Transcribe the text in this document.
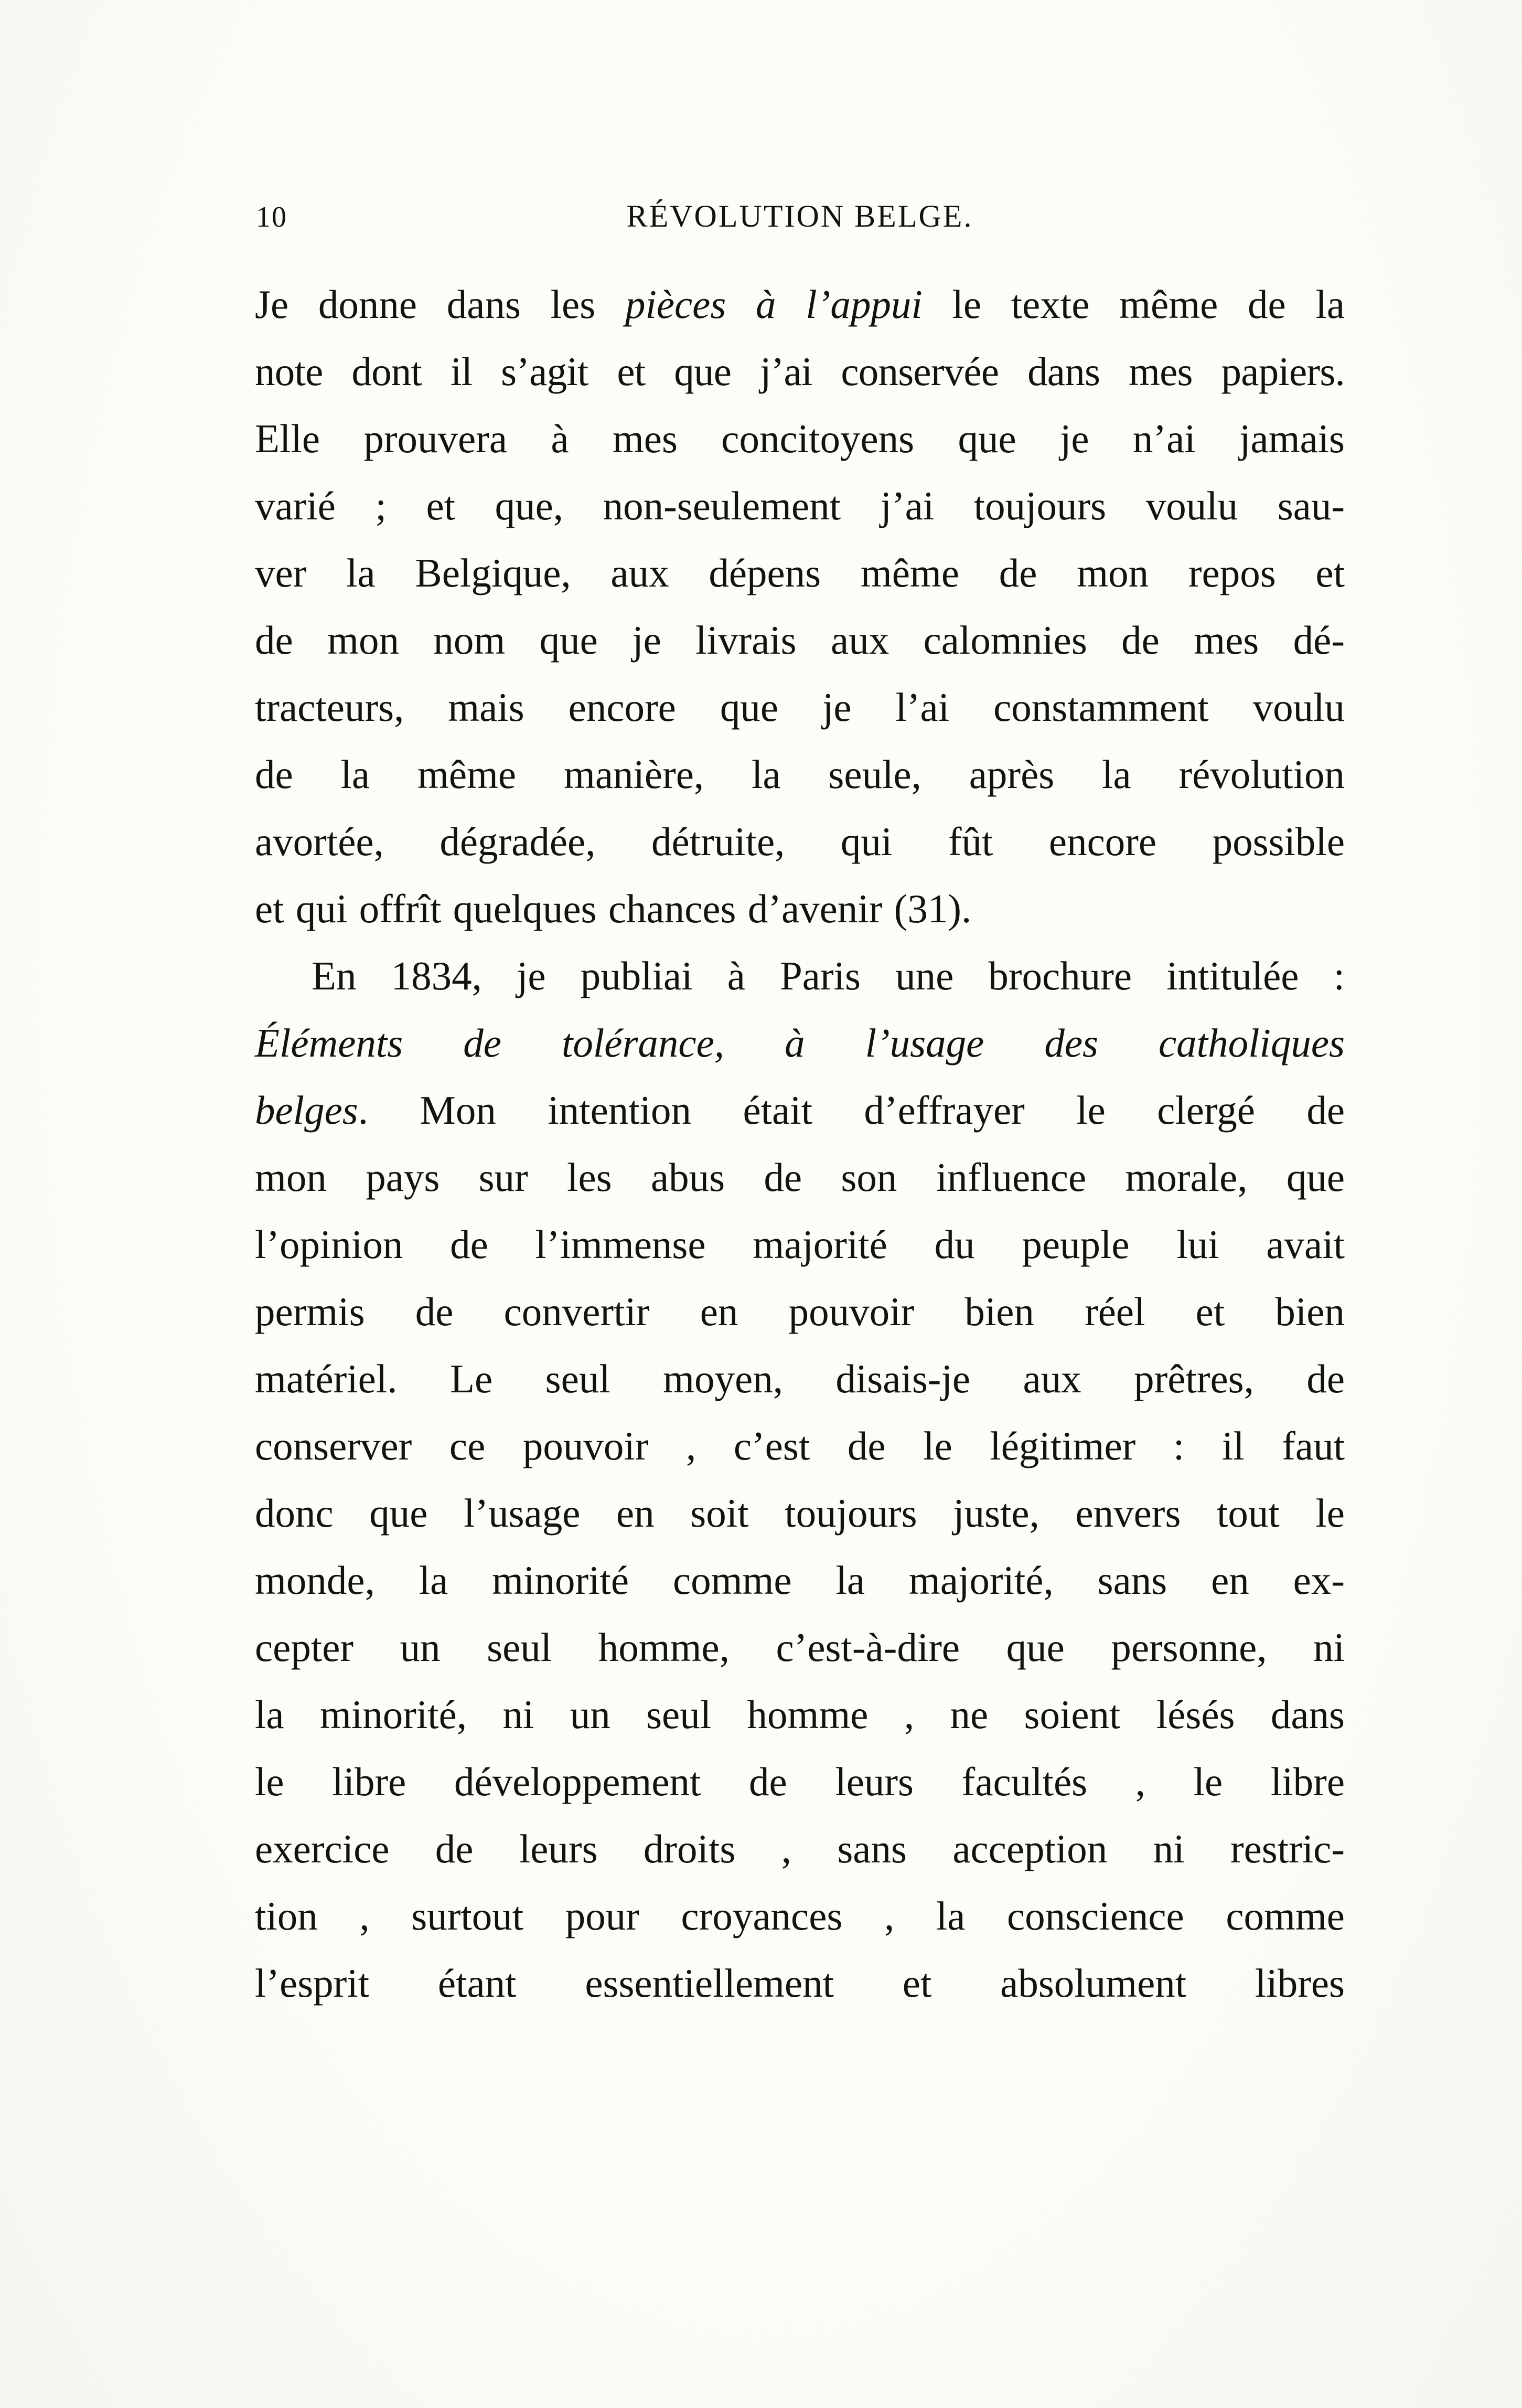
10	RÉVOLUTION BELGE.
Je donne dans les pièces à l’appui le texte même de la
note dont il s’agit et que j’ai conservée dans mes papiers.
Elle prouvera à mes concitoyens que je n’ai jamais
varié ; et que, non-seulement j’ai toujours voulu sau-
ver la Belgique, aux dépens même de mon repos et
de mon nom que je livrais aux calomnies de mes dé-
tracteurs, mais encore que je l’ai constamment voulu
de la même manière, la seule, après la révolution
avortée, dégradée, détruite, qui fût encore possible
et qui offrît quelques chances d’avenir (31).
En 1834, je publiai à Paris une brochure intitulée :
Éléments de tolérance, à l’usage des catholiques
belges. Mon intention était d’effrayer le clergé de
mon pays sur les abus de son influence morale, que
l’opinion de l’immense majorité du peuple lui avait
permis de convertir en pouvoir bien réel et bien
matériel. Le seul moyen, disais-je aux prêtres, de
conserver ce pouvoir , c’est de le légitimer : il faut
donc que l’usage en soit toujours juste, envers tout le
monde, la minorité comme la majorité, sans en ex-
cepter un seul homme, c’est-à-dire que personne, ni
la minorité, ni un seul homme , ne soient lésés dans
le libre développement de leurs facultés , le libre
exercice de leurs droits , sans acception ni restric-
tion , surtout pour croyances , la conscience comme
l’esprit étant essentiellement et absolument libres
